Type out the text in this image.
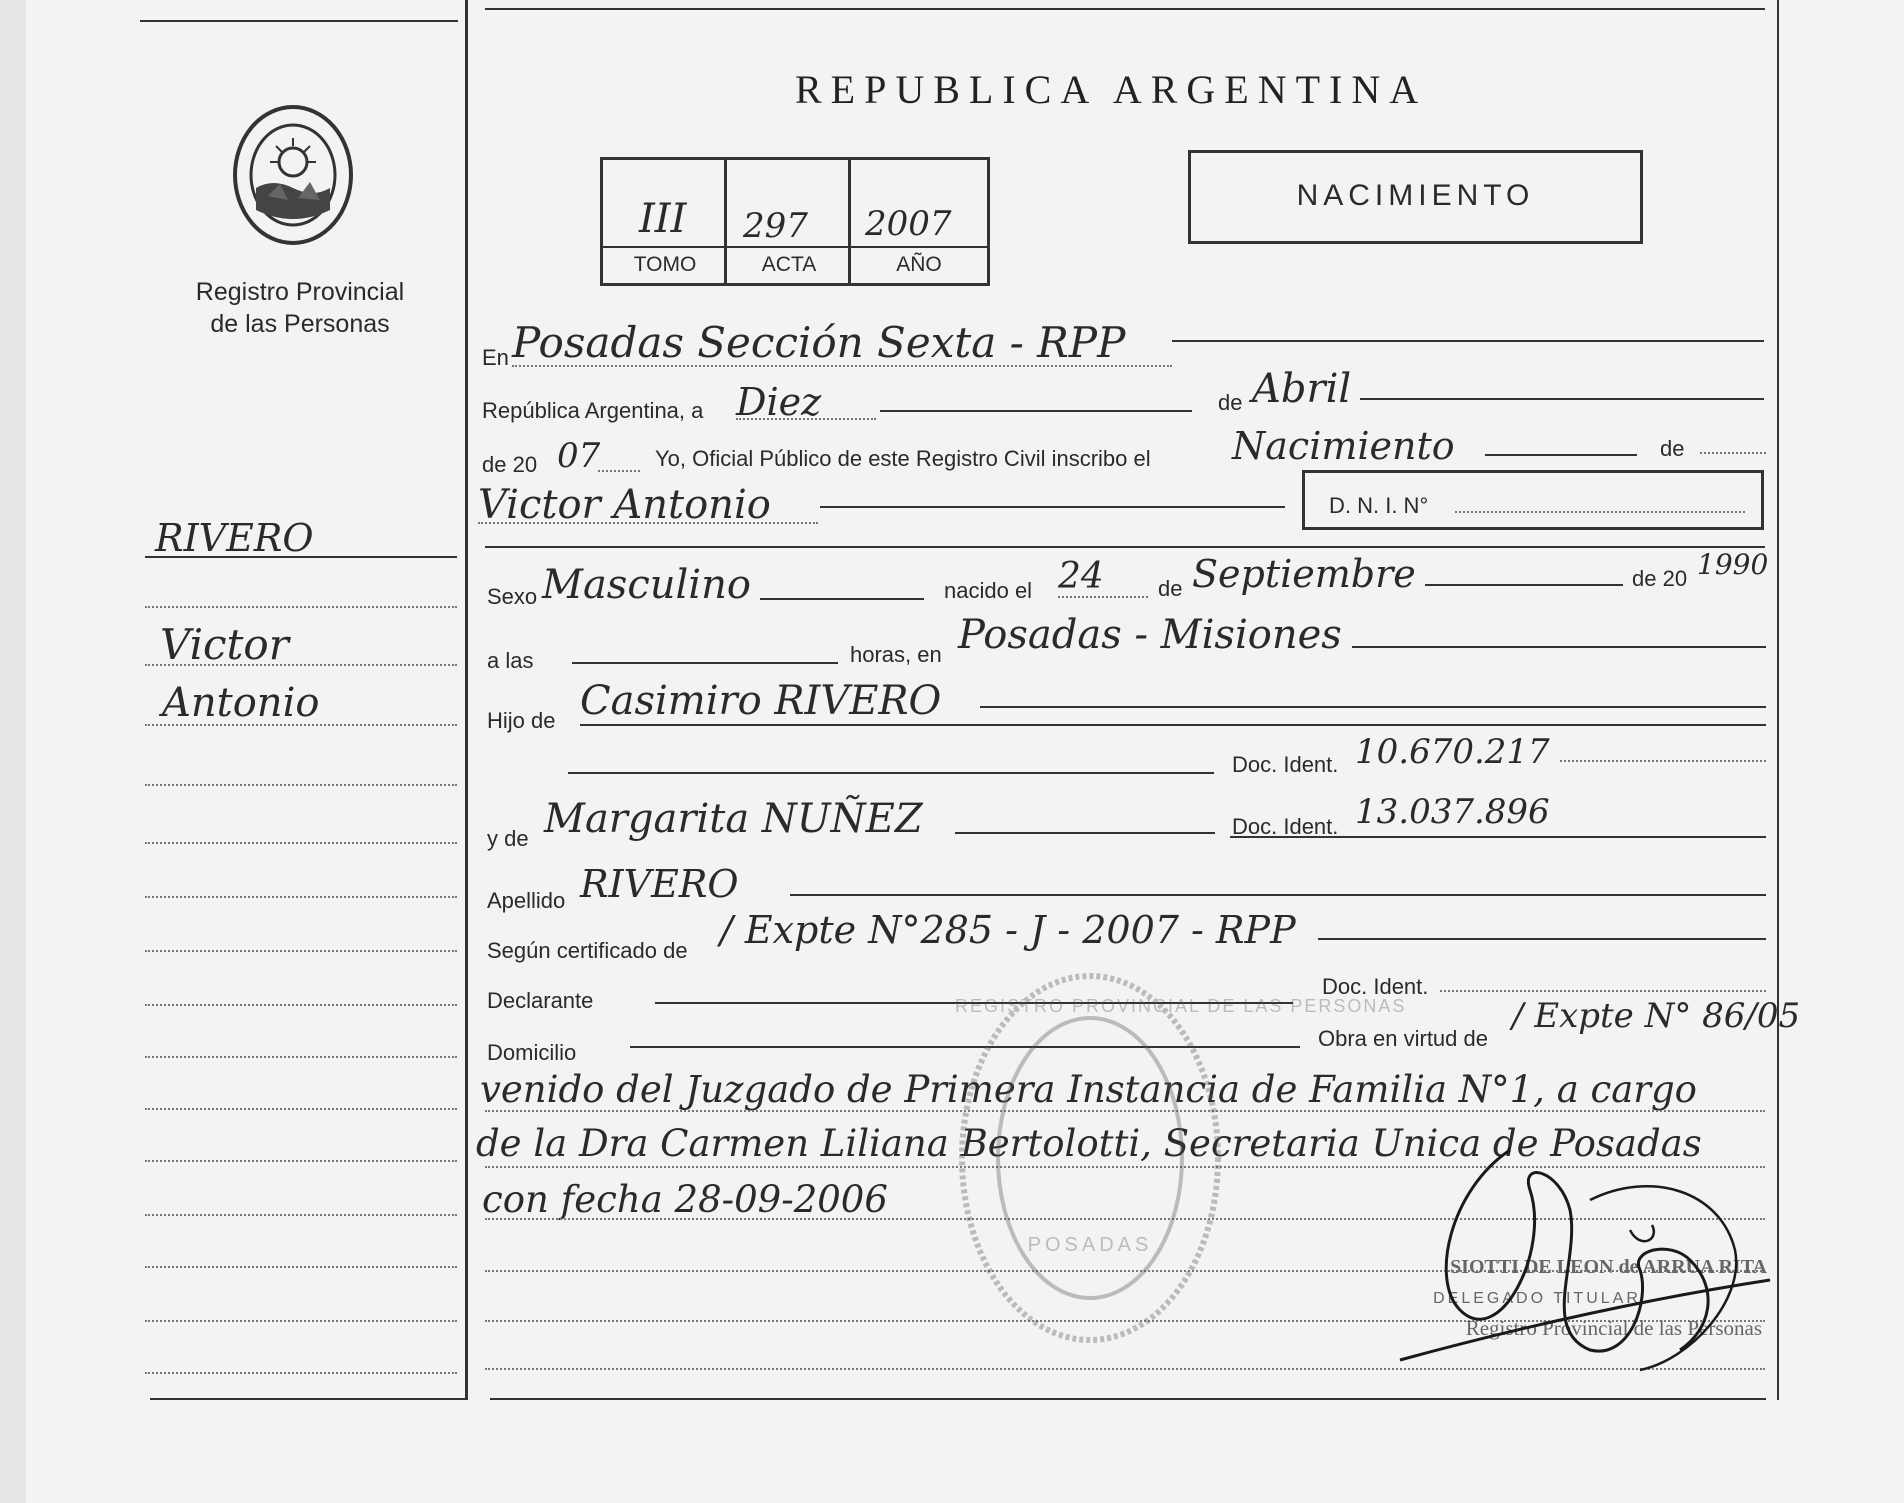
Registro Provincial
de las Personas
REPUBLICA ARGENTINA
III 297 2007
TOMO	ACTA	AÑO
NACIMIENTO
RIVERO
Victor
Antonio
En Posadas Sección Sexta - RPP
República Argentina, a Diez	de Abril
de 20 07 Yo, Oficial Público de este Registro Civil inscribo el Nacimiento	de
Victor Antonio	D. N. I. N°
Sexo Masculino	nacido el 24 de Septiembre	de 20 1990
a las	horas, en Posadas - Misiones
Hijo de Casimiro RIVERO
Doc. Ident. 10.670.217
y de Margarita NUÑEZ	Doc. Ident. 13.037.896
Apellido RIVERO
Según certificado de / Expte N°285 - J - 2007 - RPP
Declarante
Doc. Ident.
Domicilio
Obra en virtud de
/ Expte N° 86/05
venido del Juzgado de Primera Instancia de Familia N°1, a cargo
de la Dra Carmen Liliana Bertolotti, Secretaria Unica de Posadas
con fecha 28-09-2006
REGISTRO PROVINCIAL DE LAS PERSONAS
POSADAS
SIOTTI DE LEON de ARRUA RITA
DELEGADO TITULAR
Registro Provincial de las Personas
